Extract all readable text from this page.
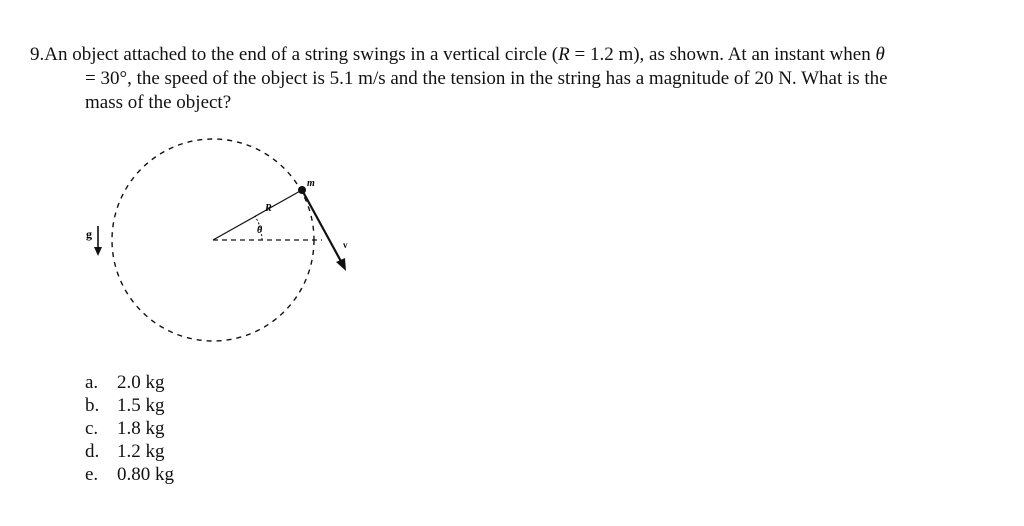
9.An object attached to the end of a string swings in a vertical circle (R = 1.2 m), as shown. At an instant when θ
= 30°, the speed of the object is 5.1 m/s and the tension in the string has a magnitude of 20 N. What is the
mass of the object?
g
m
R
θ
v
a. 2.0 kg
b. 1.5 kg
c. 1.8 kg
d. 1.2 kg
e. 0.80 kg
